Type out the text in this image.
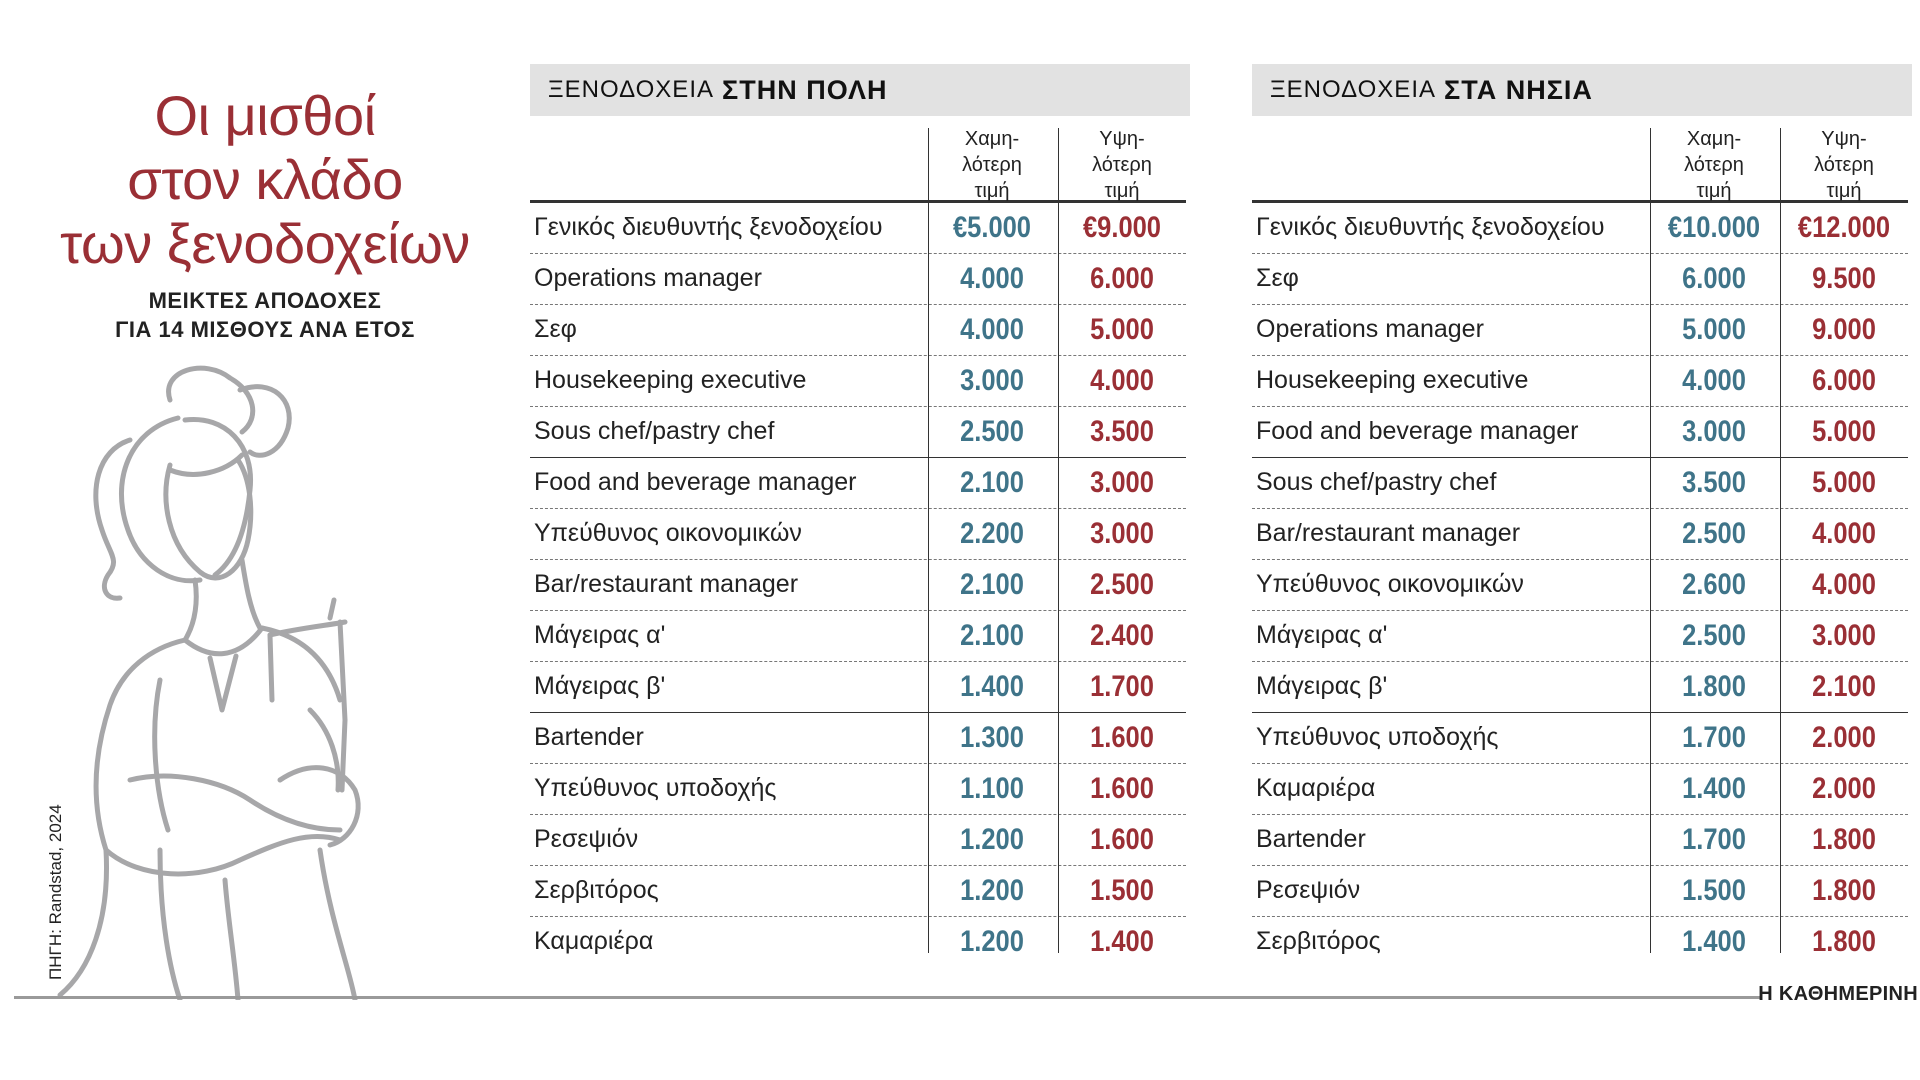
Οι μισθοί
στον κλάδο
των ξενοδοχείων
ΜΕΙΚΤΕΣ ΑΠΟΔΟΧΕΣ
ΓΙΑ 14 ΜΙΣΘΟΥΣ ΑΝΑ ΕΤΟΣ
ΠΗΓΗ: Randstad, 2024
ΞΕΝΟΔΟΧΕΙΑ ΣΤΗΝ ΠΟΛΗ
Χαμη-
λότερη
τιμή
Υψη-
λότερη
τιμή
Γενικός διευθυντής ξενοδοχείου	€5.000	€9.000
Operations manager	4.000	6.000
Σεφ	4.000	5.000
Housekeeping executive	3.000	4.000
Sous chef/pastry chef	2.500	3.500
Food and beverage manager	2.100	3.000
Υπεύθυνος οικονομικών	2.200	3.000
Bar/restaurant manager	2.100	2.500
Μάγειρας α'	2.100	2.400
Μάγειρας β'	1.400	1.700
Bartender	1.300	1.600
Υπεύθυνος υποδοχής	1.100	1.600
Ρεσεψιόν	1.200	1.600
Σερβιτόρος	1.200	1.500
Καμαριέρα	1.200	1.400
ΞΕΝΟΔΟΧΕΙΑ ΣΤΑ ΝΗΣΙΑ
Χαμη-
λότερη
τιμή
Υψη-
λότερη
τιμή
Γενικός διευθυντής ξενοδοχείου €10.000 €12.000
Σεφ	6.000	9.500
Operations manager	5.000	9.000
Housekeeping executive	4.000	6.000
Food and beverage manager	3.000	5.000
Sous chef/pastry chef	3.500	5.000
Bar/restaurant manager	2.500	4.000
Υπεύθυνος οικονομικών	2.600	4.000
Μάγειρας α'	2.500	3.000
Μάγειρας β'	1.800	2.100
Υπεύθυνος υποδοχής	1.700	2.000
Καμαριέρα	1.400	2.000
Bartender	1.700	1.800
Ρεσεψιόν	1.500	1.800
Σερβιτόρος	1.400	1.800
Η ΚΑΘΗΜΕΡΙΝΗ
